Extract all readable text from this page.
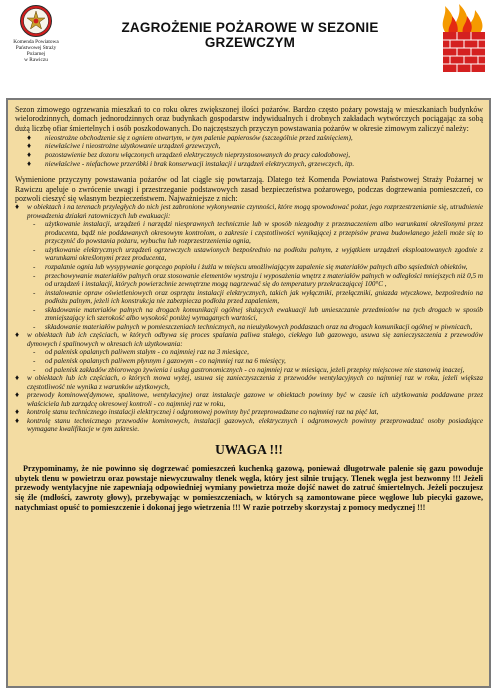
Komenda Powiatowa
Państwowej Straży Pożarnej
w Rawiczu
ZAGROŻENIE POŻAROWE W SEZONIE GRZEWCZYM

Sezon zimowego ogrzewania mieszkań to co roku okres zwiększonej ilości pożarów. Bardzo często pożary powstają w mieszkaniach budynków wielorodzinnych, domach jednorodzinnych oraz budynkach gospodarstw indywidualnych i drobnych zakładach wytwórczych pociągając za sobą dużą liczbę ofiar śmiertelnych i osób poszkodowanych. Do najczęstszych przyczyn powstawania pożarów w okresie zimowym zaliczyć należy:

♦ nieostrożne obchodzenie się z ogniem otwartym, w tym palenie papierosów (szczególnie przed zaśnięciem),
♦ niewłaściwe i nieostrożne użytkowanie urządzeń grzewczych,
♦ pozostawienie bez dozoru włączonych urządzeń elektrycznych nieprzystosowanych do pracy całodobowej,
♦ niewłaściwe - niefachowe przeróbki i brak konserwacji instalacji i urządzeń elektrycznych, grzewczych, itp.

Wymienione przyczyny powstawania pożarów od lat ciągle się powtarzają. Dlatego też Komenda Powiatowa Państwowej Straży Pożarnej w Rawiczu apeluje o zwrócenie uwagi i przestrzeganie podstawowych zasad bezpieczeństwa pożarowego, podczas dogrzewania pomieszczeń, co pozwoli cieszyć się własnym bezpieczeństwem. Najważniejsze z nich:

♦ w obiektach i na terenach przyległych do nich jest zabronione wykonywanie czynności, które mogą spowodować pożar, jego rozprzestrzenianie się, utrudnienie prowadzenia działań ratowniczych lub ewakuacji:
- użytkowanie instalacji, urządzeń i narzędzi niesprawnych technicznie lub w sposób niezgodny z przeznaczeniem albo warunkami określonymi przez producenta, bądź nie poddawanych okresowym kontrolom, o zakresie i częstotliwości wynikającej z przepisów prawa budowlanego jeżeli może się to przyczynić do powstania pożaru, wybuchu lub rozprzestrzenienia ognia,
- użytkowanie elektrycznych urządzeń ogrzewczych ustawionych bezpośrednio na podłożu palnym, z wyjątkiem urządzeń eksploatowanych zgodnie z warunkami określonymi przez producenta,
- rozpalanie ognia lub wysypywanie gorącego popiołu i żużla w miejscu umożliwiającym zapalenie się materiałów palnych albo sąsiednich obiektów,
- przechowywanie materiałów palnych oraz stosowanie elementów wystroju i wyposażenia wnętrz z materiałów palnych w odległości mniejszych niż 0,5 m od urządzeń i instalacji, których powierzchnie zewnętrzne mogą nagrzewać się do temperatury przekraczającej 100°C ,
- instalowanie opraw oświetleniowych oraz osprzętu instalacji elektrycznych, takich jak wyłączniki, przełączniki, gniazda wtyczkowe, bezpośrednio na podłożu palnym, jeżeli ich konstrukcja nie zabezpiecza podłoża przed zapaleniem,
- składowanie materiałów palnych na drogach komunikacji ogólnej służących ewakuacji lub umieszczanie przedmiotów na tych drogach w sposób zmniejszający ich szerokość albo wysokość poniżej wymaganych wartości,
- składowanie materiałów palnych w pomieszczeniach technicznych, na nieużytkowych poddaszach oraz na drogach komunikacji ogólnej w piwnicach,
♦ w obiektach lub ich częściach, w których odbywa się proces spalania paliwa stałego, ciekłego lub gazowego, usuwa się zanieczyszczenia z przewodów dymowych i spalinowych w okresach ich użytkowania:
- od palenisk opalanych paliwem stałym - co najmniej raz na 3 miesiące,
- od palenisk opalanych paliwem płynnym i gazowym - co najmniej raz na 6 miesięcy,
- od palenisk zakładów zbiorowego żywienia i usług gastronomicznych - co najmniej raz w miesiącu, jeżeli przepisy miejscowe nie stanowią inaczej,
♦ w obiektach lub ich częściach, o których mowa wyżej, usuwa się zanieczyszczenia z przewodów wentylacyjnych co najmniej raz w roku, jeżeli większa częstotliwość nie wynika z warunków użytkowych,
♦ przewody kominowe(dymowe, spalinowe, wentylacyjne) oraz instalacje gazowe w obiektach powinny być w czasie ich użytkowania poddawane przez właściciela lub zarządcę okresowej kontroli - co najmniej raz w roku,
♦ kontrolę stanu technicznego instalacji elektrycznej i odgromowej powinny być przeprowadzane co najmniej raz na pięć lat,
♦ kontrolę stanu technicznego przewodów kominowych, instalacji gazowych, elektrycznych i odgromowych powinny przeprowadzać osoby posiadające wymagane kwalifikacje w tym zakresie.
UWAGA !!!

Przypominamy, że nie powinno się dogrzewać pomieszczeń kuchenką gazową, ponieważ długotrwałe palenie się gazu powoduje ubytek tlenu w powietrzu oraz powstaje niewyczuwalny tlenek węgla, który jest silnie trujący. Tlenek węgla jest bezwonny !!! Jeżeli przewody wentylacyjne nie zapewniają odpowiedniej wymiany powietrza może dojść nawet do zatruć śmiertelnych. Jeżeli poczujesz się źle (mdłości, zawroty głowy), przebywając w pomieszczeniach, w których są zamontowane piece węglowe lub piecyki gazowe, natychmiast opuść to pomieszczenie i dokonaj jego wietrzenia !!! W razie potrzeby skorzystaj z pomocy medycznej !!!
